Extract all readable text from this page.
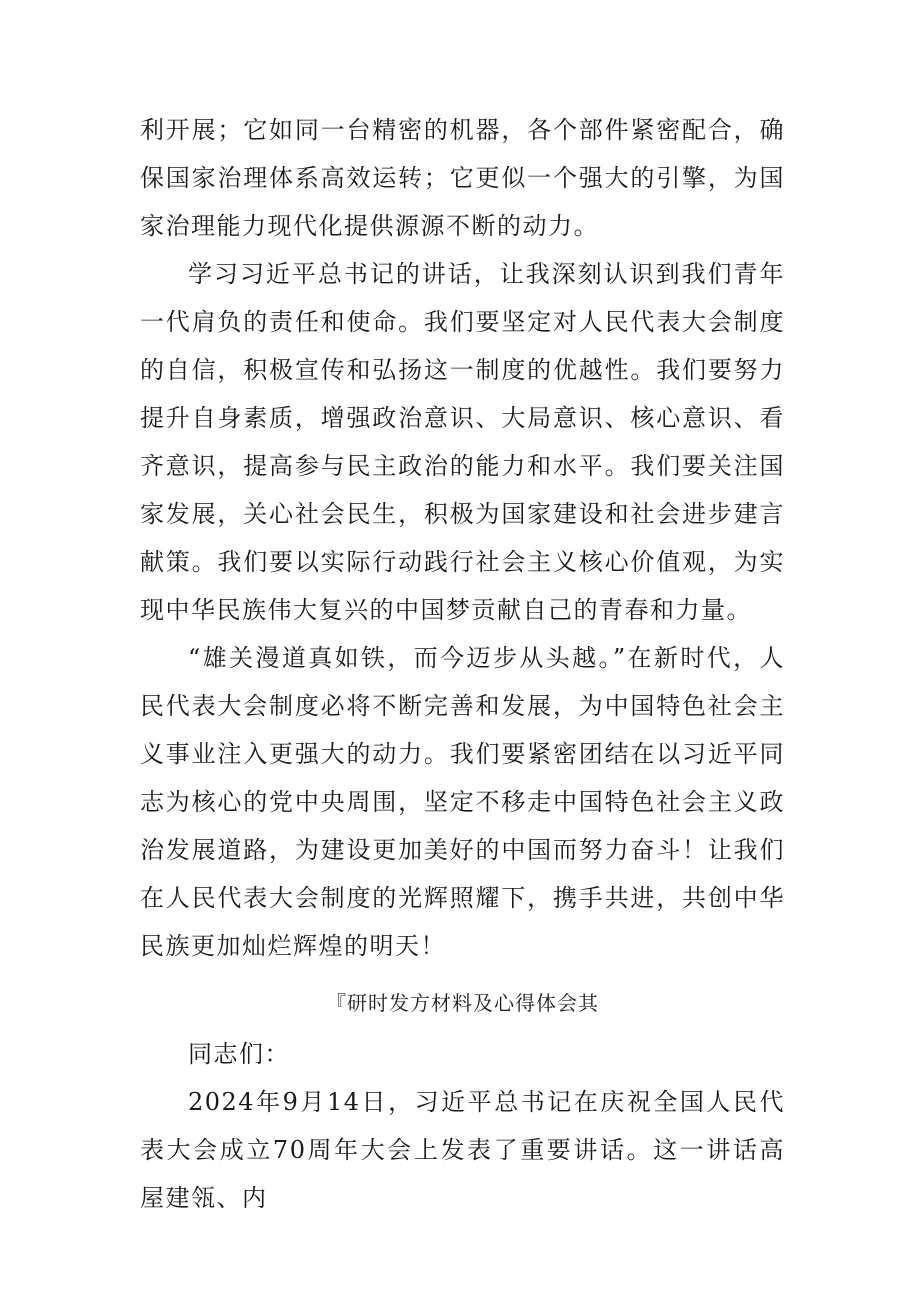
利开展；它如同一台精密的机器，各个部件紧密配合，确保国家治理体系高效运转；它更似一个强大的引擎，为国家治理能力现代化提供源源不断的动力。

学习习近平总书记的讲话，让我深刻认识到我们青年一代肩负的责任和使命。我们要坚定对人民代表大会制度的自信，积极宣传和弘扬这一制度的优越性。我们要努力提升自身素质，增强政治意识、大局意识、核心意识、看齐意识，提高参与民主政治的能力和水平。我们要关注国家发展，关心社会民生，积极为国家建设和社会进步建言献策。我们要以实际行动践行社会主义核心价值观，为实现中华民族伟大复兴的中国梦贡献自己的青春和力量。

“雄关漫道真如铁，而今迈步从头越。”在新时代，人民代表大会制度必将不断完善和发展，为中国特色社会主义事业注入更强大的动力。我们要紧密团结在以习近平同志为核心的党中央周围，坚定不移走中国特色社会主义政治发展道路，为建设更加美好的中国而努力奋斗！让我们在人民代表大会制度的光辉照耀下，携手共进，共创中华民族更加灿烂辉煌的明天！

『研时发方材料及心得体会其

同志们：

2024年9月14日，习近平总书记在庆祝全国人民代表大会成立70周年大会上发表了重要讲话。这一讲话高屋建瓴、内
